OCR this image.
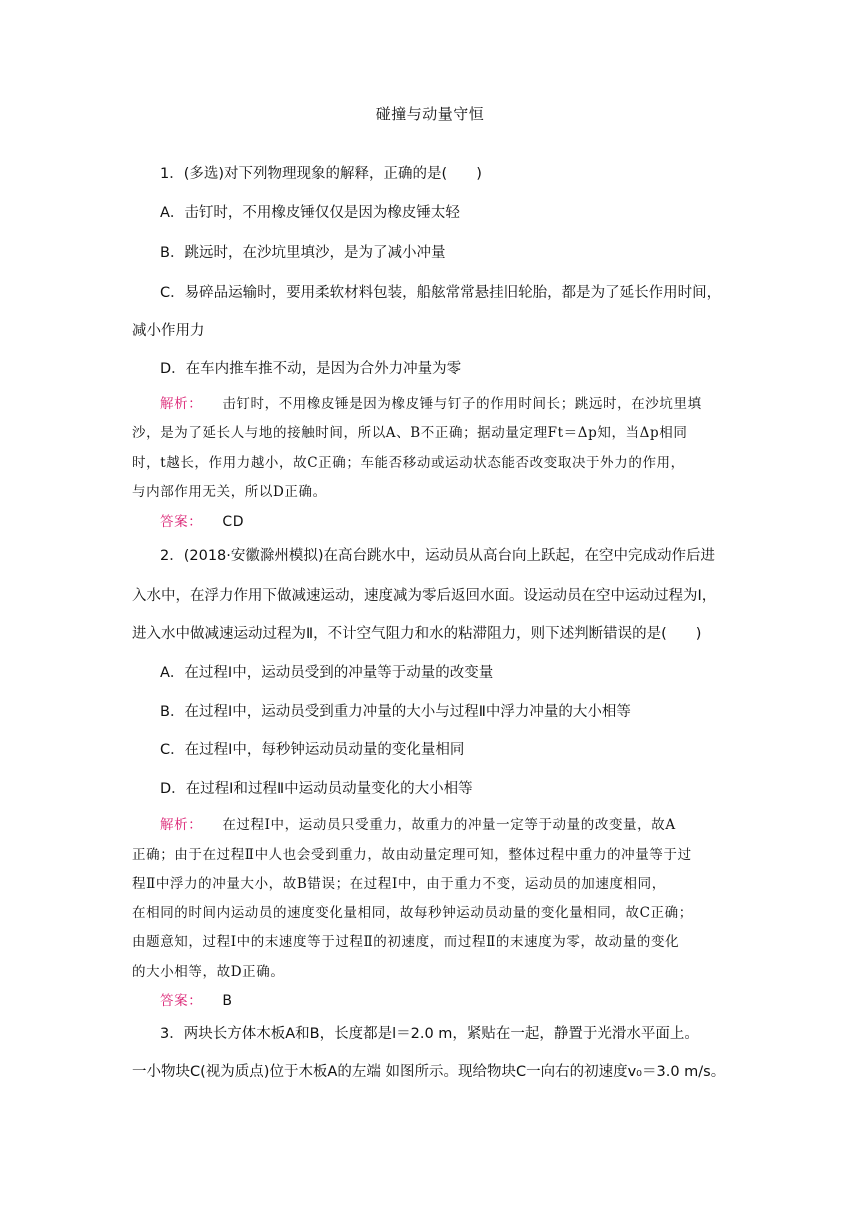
碰撞与动量守恒
1．(多选)对下列物理现象的解释，正确的是(　　)
A．击钉时，不用橡皮锤仅仅是因为橡皮锤太轻
B．跳远时，在沙坑里填沙，是为了减小冲量
C．易碎品运输时，要用柔软材料包装，船舷常常悬挂旧轮胎，都是为了延长作用时间，
减小作用力
D．在车内推车推不动，是因为合外力冲量为零
解析： 击钉时，不用橡皮锤是因为橡皮锤与钉子的作用时间长；跳远时，在沙坑里填
沙，是为了延长人与地的接触时间，所以A、B不正确；据动量定理Ft＝Δp知，当Δp相同
时，t越长，作用力越小，故C正确；车能否移动或运动状态能否改变取决于外力的作用，
与内部作用无关，所以D正确。
答案： CD
2．(2018·安徽滁州模拟)在高台跳水中，运动员从高台向上跃起，在空中完成动作后进
入水中，在浮力作用下做减速运动，速度减为零后返回水面。设运动员在空中运动过程为Ⅰ，
进入水中做减速运动过程为Ⅱ，不计空气阻力和水的粘滞阻力，则下述判断错误的是(　　)
A．在过程Ⅰ中，运动员受到的冲量等于动量的改变量
B．在过程Ⅰ中，运动员受到重力冲量的大小与过程Ⅱ中浮力冲量的大小相等
C．在过程Ⅰ中，每秒钟运动员动量的变化量相同
D．在过程Ⅰ和过程Ⅱ中运动员动量变化的大小相等
解析： 在过程Ⅰ中，运动员只受重力，故重力的冲量一定等于动量的改变量，故A
正确；由于在过程Ⅱ中人也会受到重力，故由动量定理可知，整体过程中重力的冲量等于过
程Ⅱ中浮力的冲量大小，故B错误；在过程Ⅰ中，由于重力不变，运动员的加速度相同，
在相同的时间内运动员的速度变化量相同，故每秒钟运动员动量的变化量相同，故C正确；
由题意知，过程Ⅰ中的末速度等于过程Ⅱ的初速度，而过程Ⅱ的末速度为零，故动量的变化
的大小相等，故D正确。
答案： B
3．两块长方体木板A和B，长度都是l＝2.0 m，紧贴在一起，静置于光滑水平面上。
一小物块C(视为质点)位于木板A的左端 如图所示。现给物块C一向右的初速度v₀＝3.0 m/s。
